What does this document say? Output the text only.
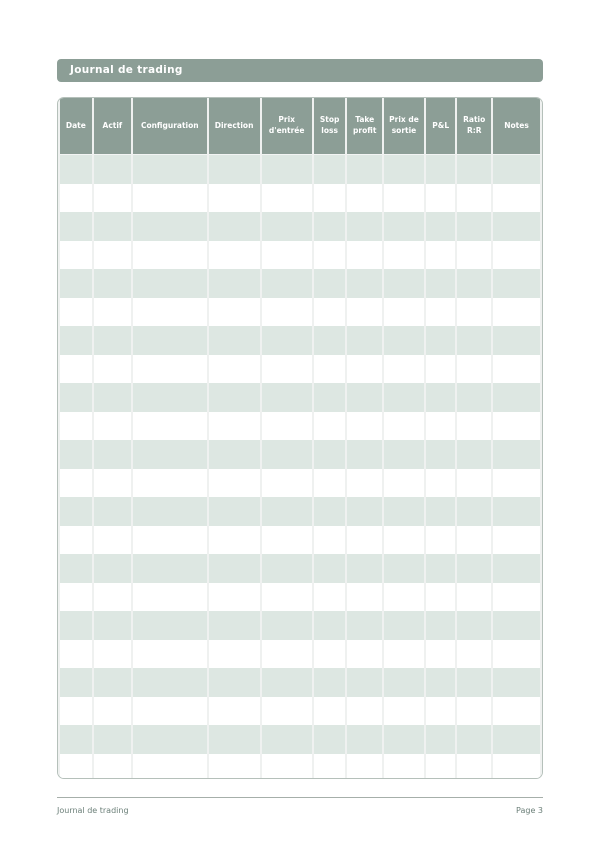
Journal de trading
Date	Actif	Configuration	Direction	Prix d'entrée	Stop loss	Take profit	Prix de sortie	P&L	Ratio R:R	Notes

Journal de trading	Page 3
